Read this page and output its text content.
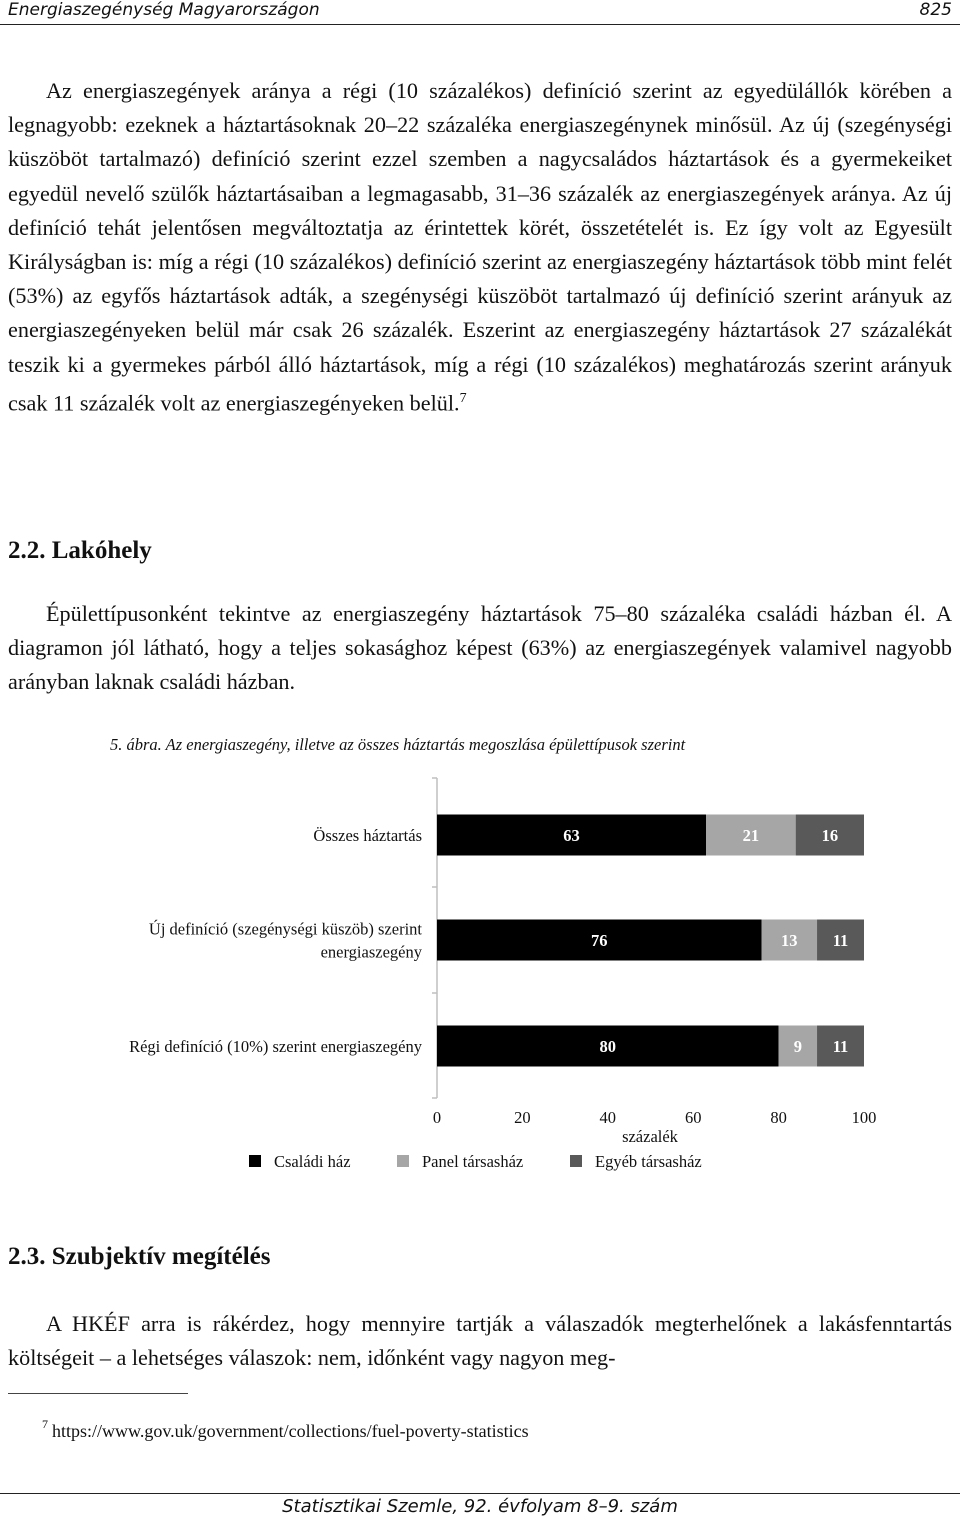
Energiaszegénység Magyarországon	825

Az energiaszegények aránya a régi (10 százalékos) definíció szerint az egyedülállók körében a legnagyobb: ezeknek a háztartásoknak 20–22 százaléka energiaszegénynek minősül. Az új (szegénységi küszöböt tartalmazó) definíció szerint ezzel szemben a nagycsaládos háztartások és a gyermekeiket egyedül nevelő szülők háztartásaiban a legmagasabb, 31–36 százalék az energiaszegények aránya. Az új definíció tehát jelentősen megváltoztatja az érintettek körét, összetételét is. Ez így volt az Egyesült Királyságban is: míg a régi (10 százalékos) definíció szerint az energiaszegény háztartások több mint felét (53%) az egyfős háztartások adták, a szegénységi küszöböt tartalmazó új definíció szerint arányuk az energiaszegényeken belül már csak 26 százalék. Eszerint az energiaszegény háztartások 27 százalékát teszik ki a gyermekes párból álló háztartások, míg a régi (10 százalékos) meghatározás szerint arányuk csak 11 százalék volt az energiaszegényeken belül.$^7$

2.2. Lakóhely

Épülettípusonként tekintve az energiaszegény háztartások 75–80 százaléka családi házban él. A diagramon jól látható, hogy a teljes sokasághoz képest (63%) az energiaszegények valamivel nagyobb arányban laknak családi házban.

5. ábra. Az energiaszegény, illetve az összes háztartás megoszlása épülettípusok szerint
Összes háztartás
Új definíció (szegénységi küszöb) szerint energiaszegény
Régi definíció (10%) szerint energiaszegény
63	21	16
76	13 11
80	9 11
0	20	40	60	80	100
százalék
Családi ház	Panel társasház	Egyéb társasház
2.3. Szubjektív megítélés

A HKÉF arra is rákérdez, hogy mennyire tartják a válaszadók megterhelőnek a lakásfenntartás költségeit – a lehetséges válaszok: nem, időnként vagy nagyon meg-

$^7$ https://www.gov.uk/government/collections/fuel-poverty-statistics
Statisztikai Szemle, 92. évfolyam 8–9. szám
